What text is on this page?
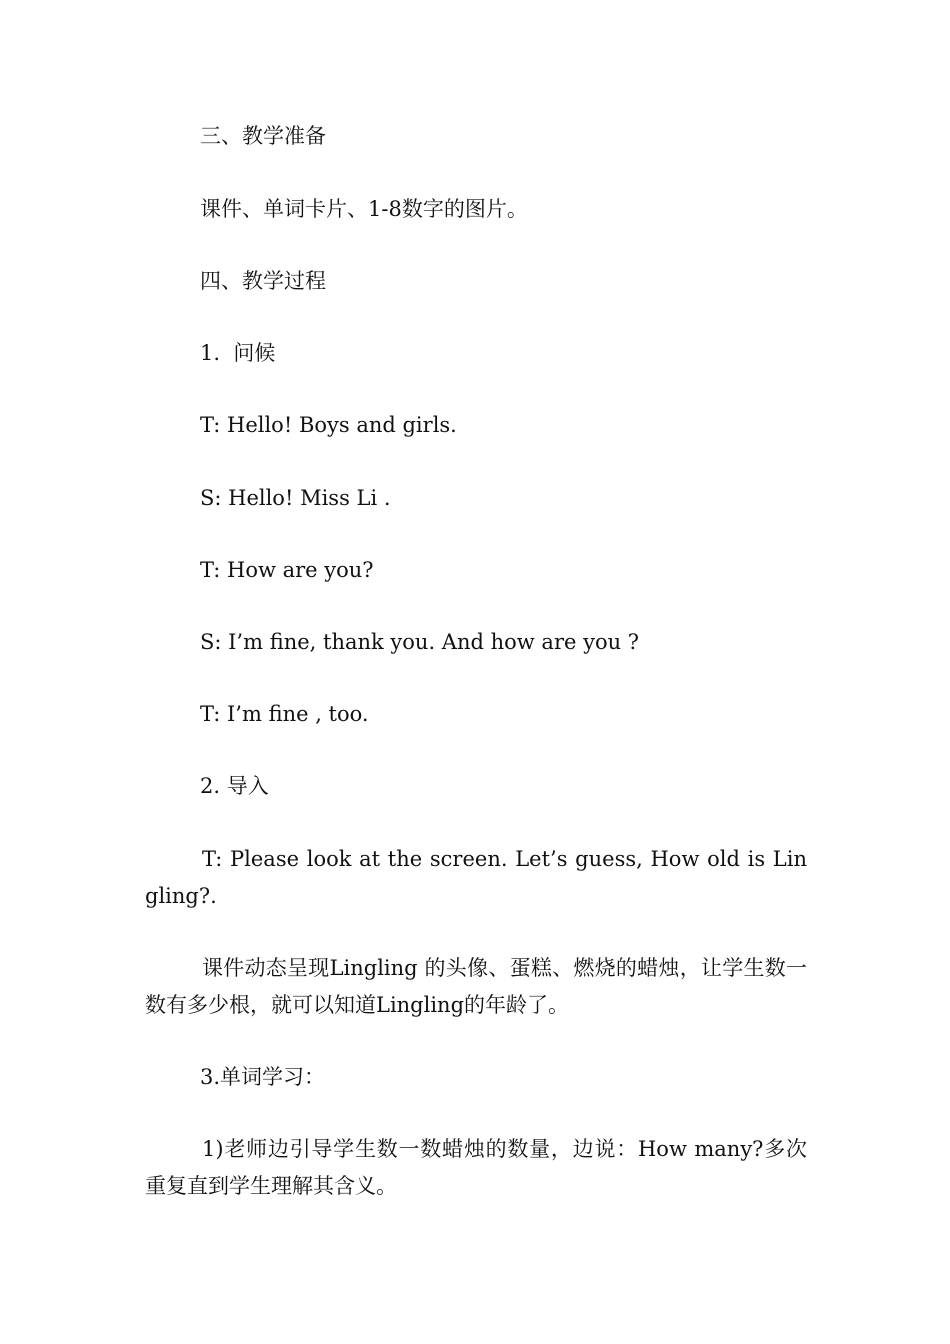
三、教学准备
课件、单词卡片、1-8数字的图片。
四、教学过程
1.  问候
T: Hello! Boys and girls.
S: Hello! Miss Li .
T: How are you?
S: I’m fine, thank you. And how are you ?
T: I’m fine , too.
2. 导入
T: Please look at the screen. Let’s guess, How old is Lingling?.
课件动态呈现Lingling 的头像、蛋糕、燃烧的蜡烛，让学生数一数有多少根，就可以知道Lingling的年龄了。
3.单词学习：
1)老师边引导学生数一数蜡烛的数量，边说：How many?多次重复直到学生理解其含义。
